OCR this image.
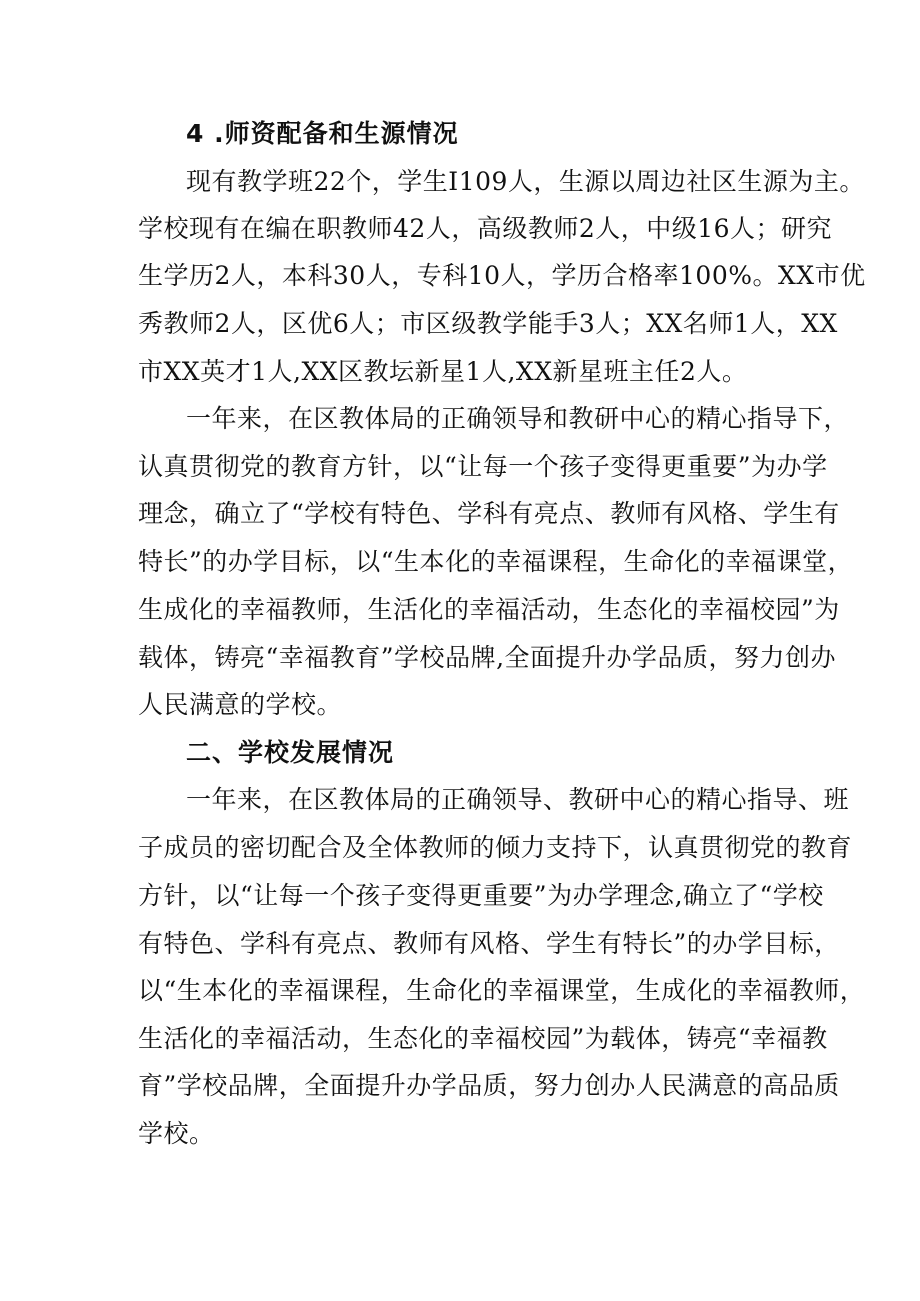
4 .师资配备和生源情况
现有教学班22个，学生I109人，生源以周边社区生源为主。
学校现有在编在职教师42人，高级教师2人，中级16人；研究
生学历2人，本科30人，专科10人，学历合格率100%。XX市优
秀教师2人，区优6人；市区级教学能手3人；XX名师1人，XX
市XX英才1人,XX区教坛新星1人,XX新星班主任2人。
一年来，在区教体局的正确领导和教研中心的精心指导下，
认真贯彻党的教育方针，以“让每一个孩子变得更重要”为办学
理念，确立了“学校有特色、学科有亮点、教师有风格、学生有
特长”的办学目标，以“生本化的幸福课程，生命化的幸福课堂，
生成化的幸福教师，生活化的幸福活动，生态化的幸福校园”为
载体，铸亮“幸福教育”学校品牌,全面提升办学品质，努力创办
人民满意的学校。
二、学校发展情况
一年来，在区教体局的正确领导、教研中心的精心指导、班
子成员的密切配合及全体教师的倾力支持下，认真贯彻党的教育
方针，以“让每一个孩子变得更重要”为办学理念,确立了“学校
有特色、学科有亮点、教师有风格、学生有特长”的办学目标，
以“生本化的幸福课程，生命化的幸福课堂，生成化的幸福教师，
生活化的幸福活动，生态化的幸福校园”为载体，铸亮“幸福教
育”学校品牌，全面提升办学品质，努力创办人民满意的高品质
学校。
